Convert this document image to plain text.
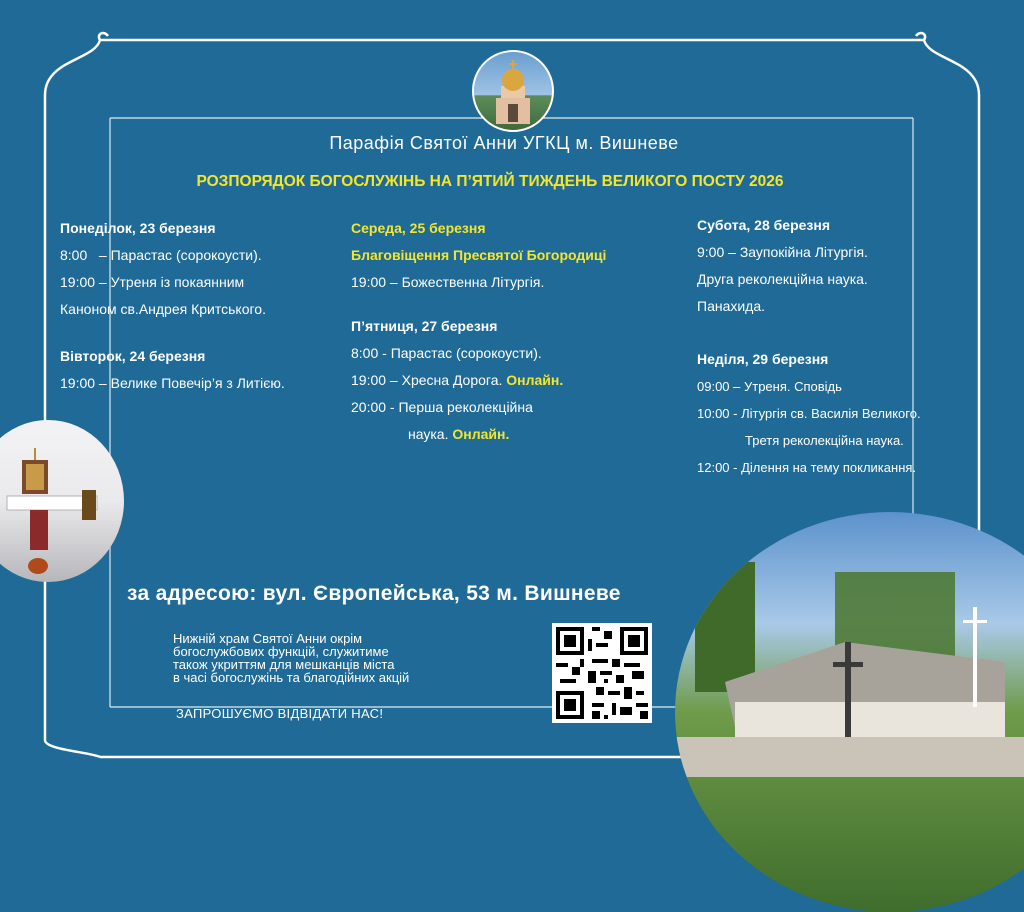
Парафія Святої Анни УГКЦ м. Вишневе
РОЗПОРЯДОК БОГОСЛУЖІНЬ НА П’ЯТИЙ ТИЖДЕНЬ ВЕЛИКОГО ПОСТУ 2026
Понеділок, 23 березня
8:00   – Парастас (сорокоусти).
19:00 – Утреня із покаянним
Каноном св.Андрея Критського.
Вівторок, 24 березня
19:00 – Велике Повечір’я з Литією.
Середа, 25 березня
Благовіщення Пресвятої Богородиці
19:00 – Божественна Літургія.
П’ятниця, 27 березня
8:00 - Парастас (сорокоусти).
19:00 – Хресна Дорога. Онлайн.
20:00 - Перша реколекційна
наука. Онлайн.
Субота, 28 березня
9:00 – Заупокійна Літургія.
Друга реколекційна наука.
Панахида.
Неділя, 29 березня
09:00 – Утреня. Сповідь
10:00 - Літургія св. Василія Великого.
Третя реколекційна наука.
12:00 - Ділення на тему покликання.
за адресою: вул. Європейська, 53 м. Вишневе
Нижній храм Святої Анни окрім
богослужбових функцій, служитиме
також укриттям для мешканців міста
в часі богослужінь та благодійних акцій
ЗАПРОШУЄМО ВІДВІДАТИ НАС!
